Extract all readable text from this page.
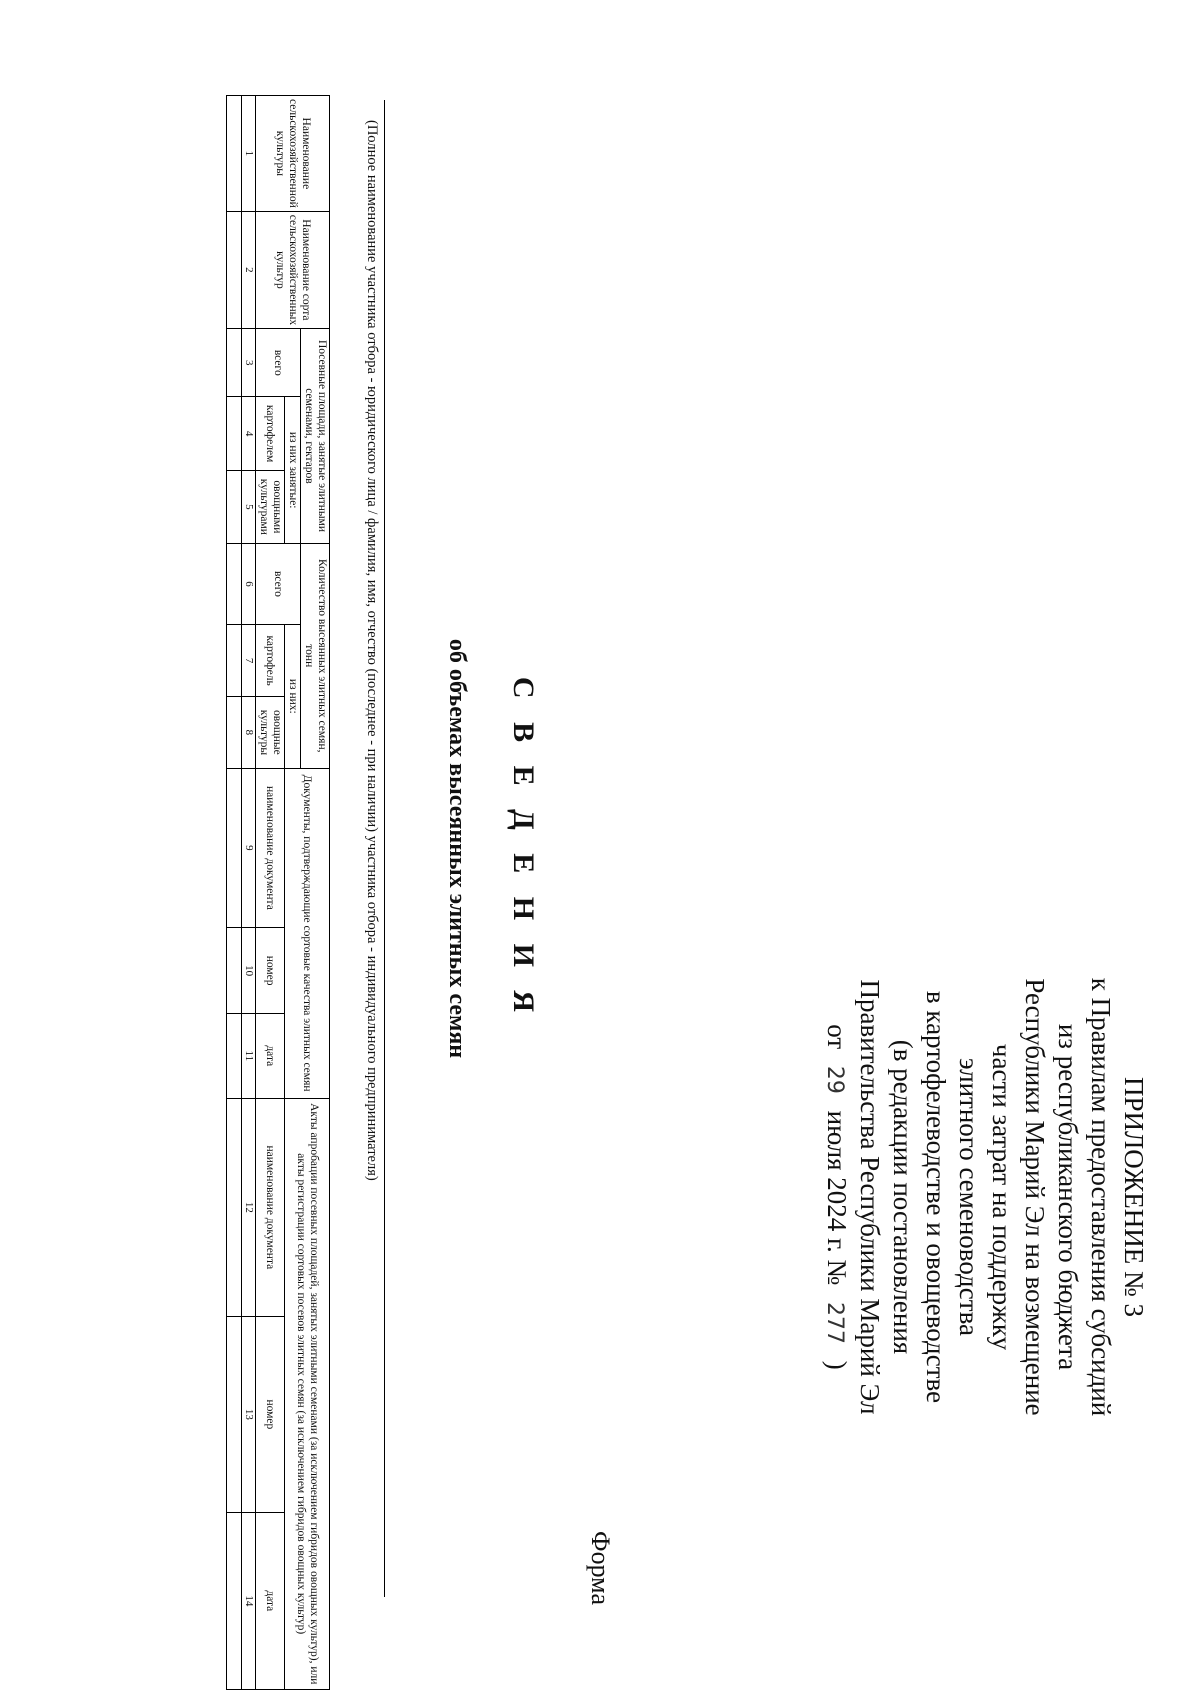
ПРИЛОЖЕНИЕ № 3
к Правилам предоставления субсидий
из республиканского бюджета
Республики Марий Эл на возмещение
части затрат на поддержку
элитного семеноводства
в картофелеводстве и овощеводстве
(в редакции постановления
Правительства Республики Марий Эл
от 29 июля 2024 г. № 277 )
Форма
С В Е Д Е Н И Я
об объемах высеянных элитных семян
(Полное наименование участника отбора - юридического лица / фамилия, имя, отчество (последнее - при наличии) участника отбора - индивидуального предпринимателя)
Наименование сельскохозяйственной культуры	Наименование сорта сельскохозяйственных культур	Посевные площади, занятые элитными семенами, гектаров			Количество высеянных элитных семян, тонн			Документы, подтверждающие сортовые качества элитных семян			Акты апробации посевных площадей, занятых элитными семенами (за исключением гибридов овощных культур), или акты регистрации сортовых посевов элитных семян (за исключением гибридов овощных культур)		
		всего	из них занятые:		всего	из них:							
			картофелем	овощными культурами		картофель	овощные культуры	наименование документа	номер	дата	наименование документа	номер	дата
1	2	3	4	5	6	7	8	9	10	11	12	13	14
